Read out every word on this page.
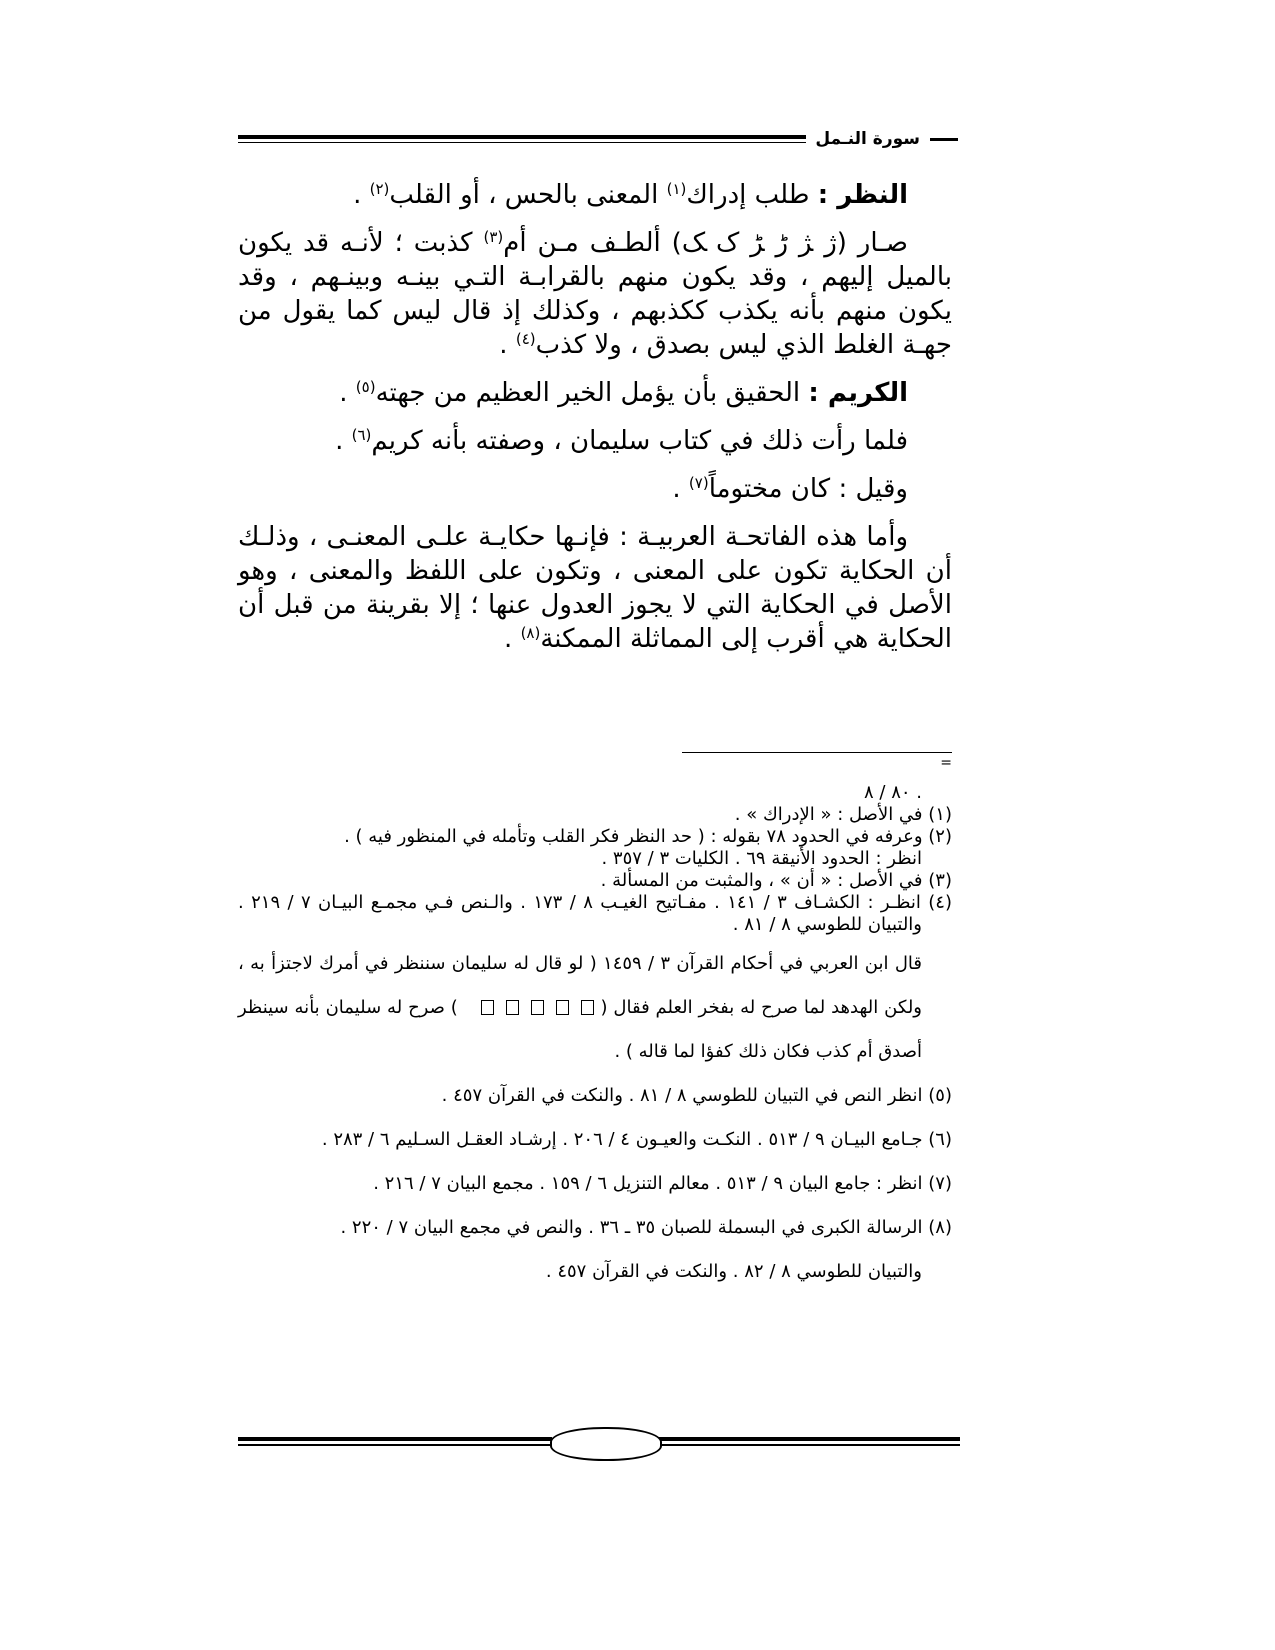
سورة النـمل

النظر : طلب إدراك$^{(١)}$ المعنى بالحس ، أو القلب$^{(٢)}$ .

صـار (ﮊ ﮋ ﮌ ﮍ ﮎ ﮏ) ألطـف مـن أم$^{(٣)}$ كذبت ؛ لأنـه قد يكون بالميل إليهم ، وقد يكون منهم بالقرابـة التـي بينـه وبينـهم ، وقد يكون منهم بأنه يكذب ككذبهم ، وكذلك إذ قال ليس كما يقول من جهـة الغلط الذي ليس بصدق ، ولا كذب$^{(٤)}$ .

الكريم : الحقيق بأن يؤمل الخير العظيم من جهته$^{(٥)}$ .

فلما رأت ذلك في كتاب سليمان ، وصفته بأنه كريم$^{(٦)}$ .

وقيل : كان مختوماً$^{(٧)}$ .

وأما هذه الفاتحـة العربيـة : فإنـها حكايـة علـى المعنـى ، وذلـك أن الحكاية تكون على المعنى ، وتكون على اللفظ والمعنى ، وهو الأصل في الحكاية التي لا يجوز العدول عنها ؛ إلا بقرينة من قبل أن الحكاية هي أقرب إلى المماثلة الممكنة$^{(٨)}$ .

=

. ٨٠ / ٨

(١) في الأصل : « الإدراك » .

(٢) وعرفه في الحدود ٧٨ بقوله : ( حد النظر فكر القلب وتأمله في المنظور فيه ) .

انظر : الحدود الأنيقة ٦٩ . الكليات ٣ / ٣٥٧ .

(٣) في الأصل : « أن » ، والمثبت من المسألة .

(٤) انظـر : الكشـاف ٣ / ١٤١ . مفـاتيح الغيـب ٨ / ١٧٣ . والـنص فـي مجمـع البيـان ٧ / ٢١٩ . والتبيان للطوسي ٨ / ٨١ .

قال ابن العربي في أحكام القرآن ٣ / ١٤٥٩ ( لو قال له سليمان سننظر في أمرك لاجتزأ به ، ولكن الهدهد لما صرح له بفخر العلم فقال (   ) صرح له سليمان بأنه سينظر أصدق أم كذب فكان ذلك كفؤا لما قاله ) .

(٥) انظر النص في التبيان للطوسي ٨ / ٨١ . والنكت في القرآن ٤٥٧ .

(٦) جـامع البيـان ٩ / ٥١٣ . النكـت والعيـون ٤ / ٢٠٦ . إرشـاد العقـل السـليم ٦ / ٢٨٣ .

(٧) انظر : جامع البيان ٩ / ٥١٣ . معالم التنزيل ٦ / ١٥٩ . مجمع البيان ٧ / ٢١٦ .

(٨) الرسالة الكبرى في البسملة للصبان ٣٥ ـ ٣٦ . والنص في مجمع البيان ٧ / ٢٢٠ .

والتبيان للطوسي ٨ / ٨٢ . والنكت في القرآن ٤٥٧ .
